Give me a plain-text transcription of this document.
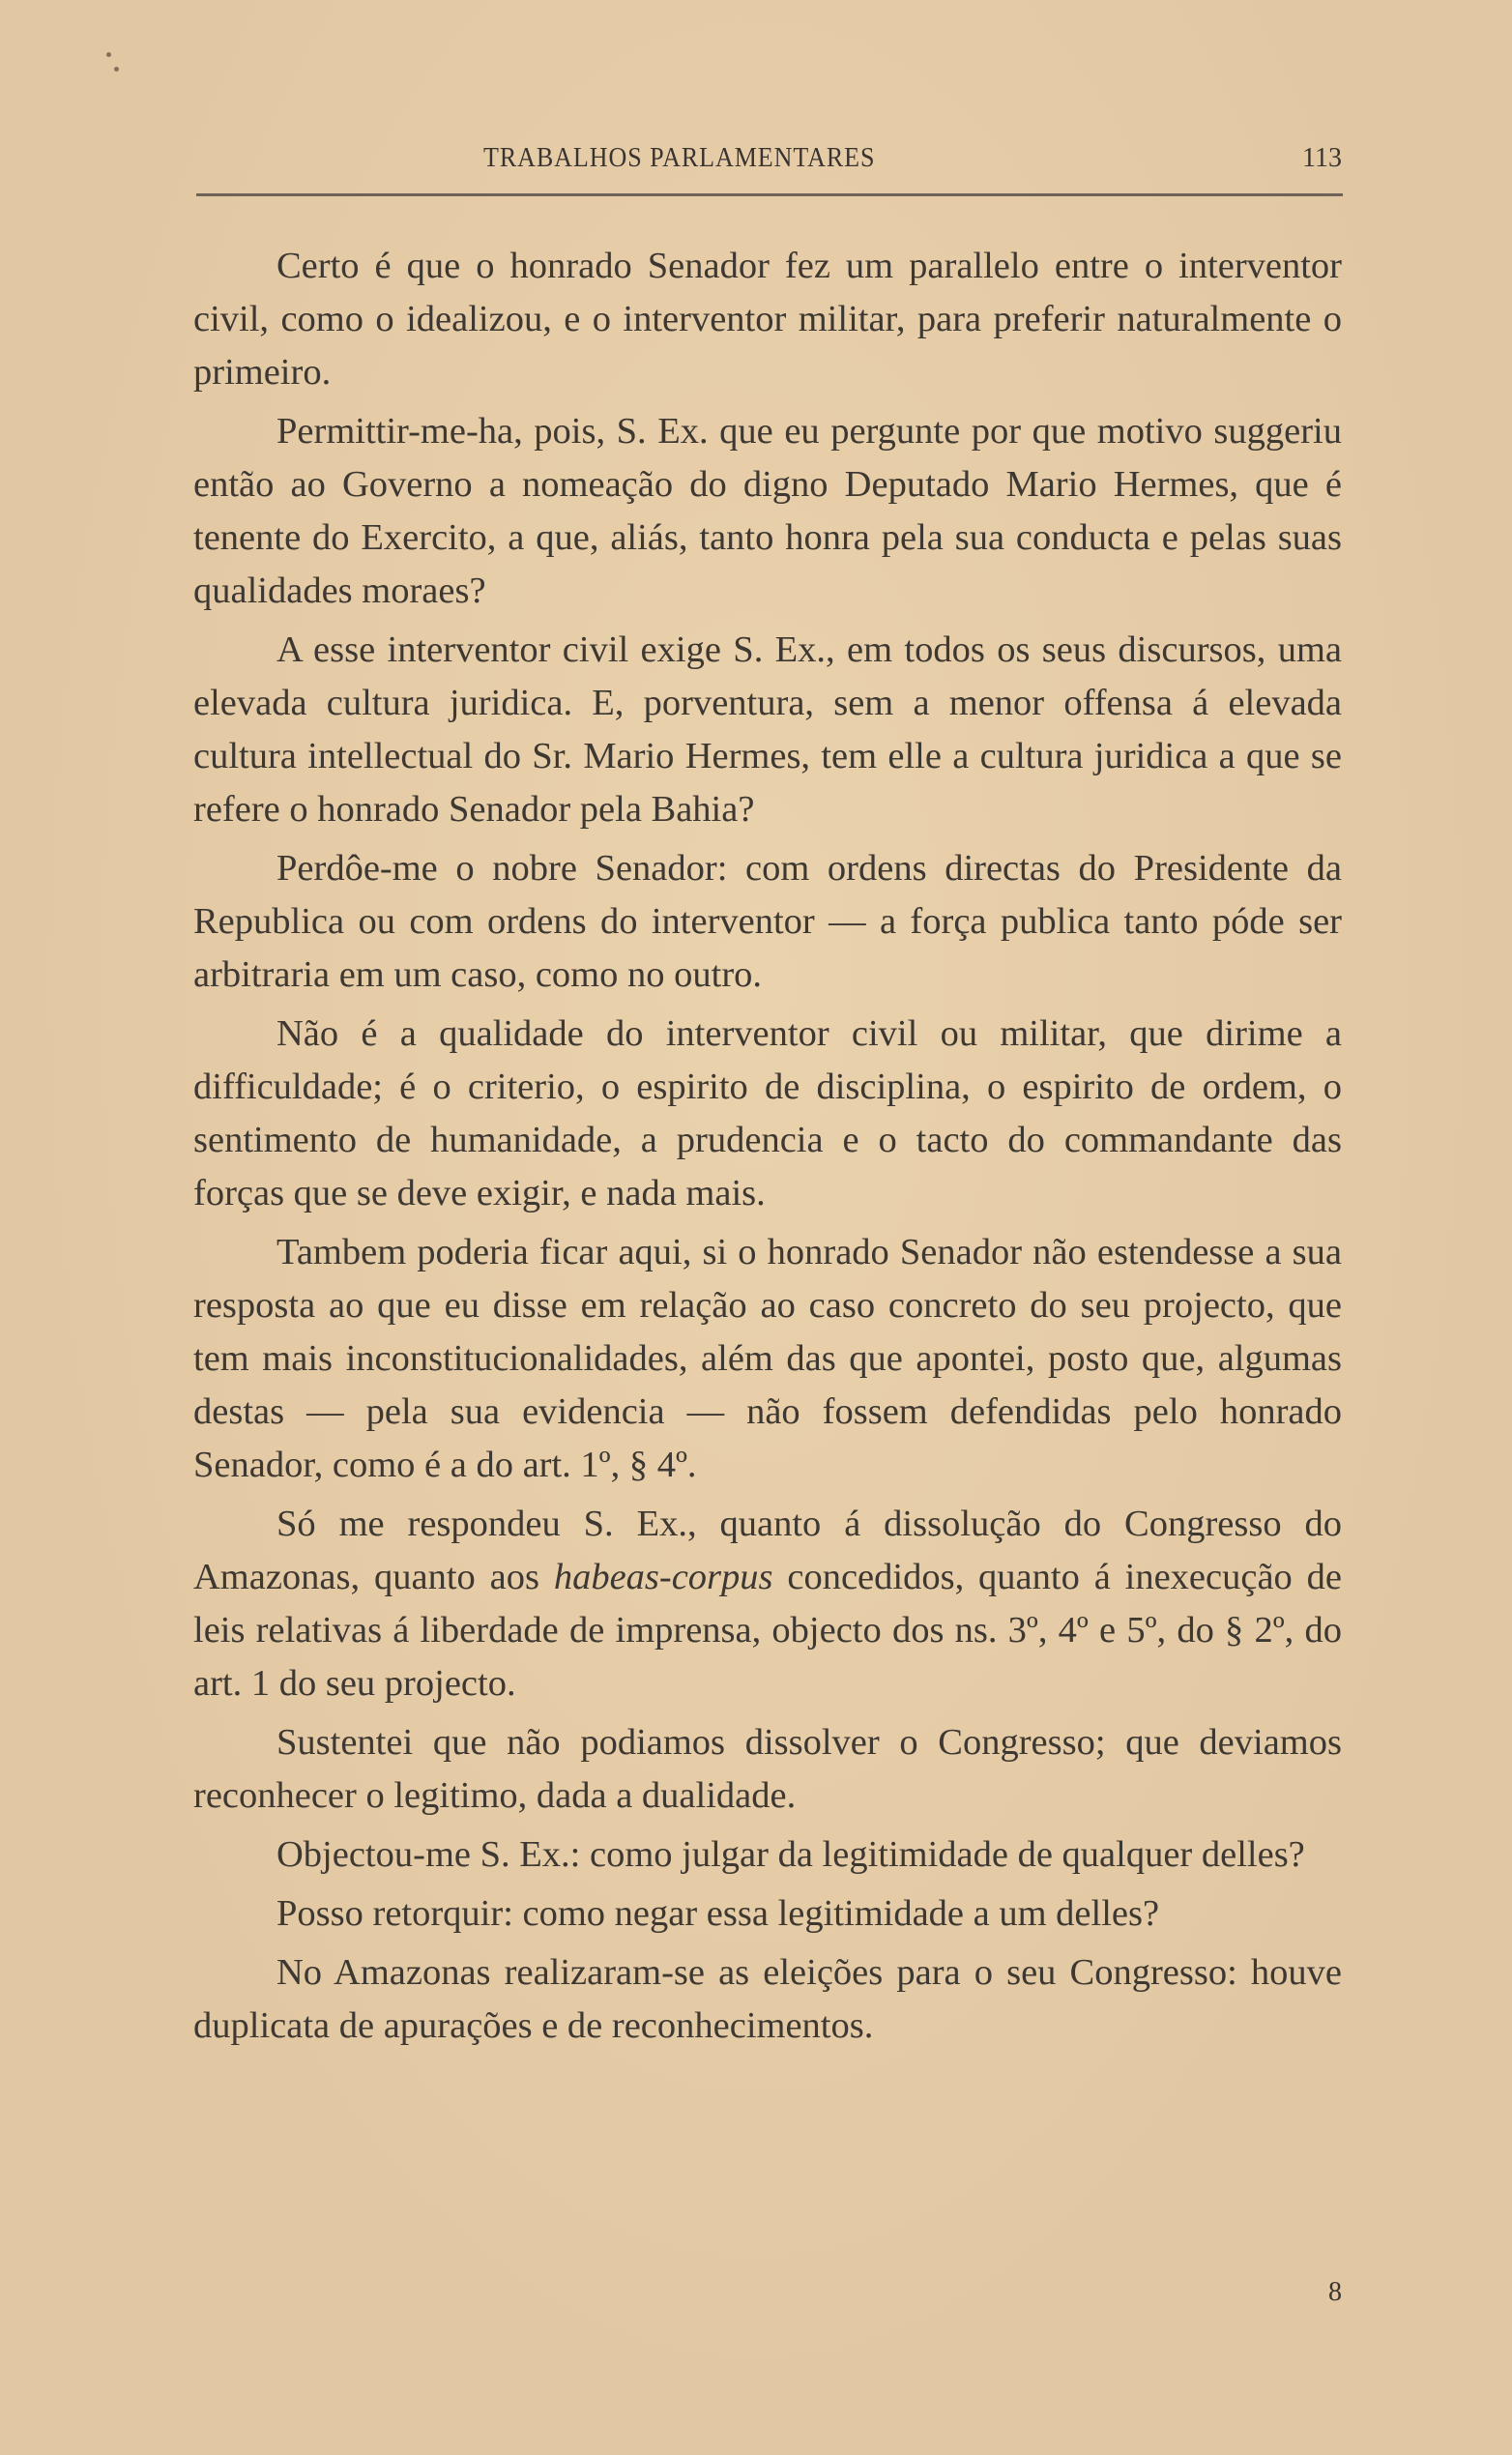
TRABALHOS PARLAMENTARES	113

Certo é que o honrado Senador fez um parallelo entre o interventor civil, como o idealizou, e o interventor militar, para preferir naturalmente o primeiro.

Permittir-me-ha, pois, S. Ex. que eu pergunte por que motivo suggeriu então ao Governo a nomeação do digno Deputado Mario Hermes, que é tenente do Exercito, a que, aliás, tanto honra pela sua conducta e pelas suas qualidades moraes?

A esse interventor civil exige S. Ex., em todos os seus discursos, uma elevada cultura juridica. E, porventura, sem a menor offensa á elevada cultura intellectual do Sr. Mario Hermes, tem elle a cultura juridica a que se refere o honrado Senador pela Bahia?

Perdôe-me o nobre Senador: com ordens directas do Presidente da Republica ou com ordens do interventor — a força publica tanto póde ser arbitraria em um caso, como no outro.

Não é a qualidade do interventor civil ou militar, que dirime a difficuldade; é o criterio, o espirito de disciplina, o espirito de ordem, o sentimento de humanidade, a prudencia e o tacto do commandante das forças que se deve exigir, e nada mais.

Tambem poderia ficar aqui, si o honrado Senador não estendesse a sua resposta ao que eu disse em relação ao caso concreto do seu projecto, que tem mais inconstitucionalidades, além das que apontei, posto que, algumas destas — pela sua evidencia — não fossem defendidas pelo honrado Senador, como é a do art. 1º, § 4º.

Só me respondeu S. Ex., quanto á dissolução do Congresso do Amazonas, quanto aos habeas-corpus concedidos, quanto á inexecução de leis relativas á liberdade de imprensa, objecto dos ns. 3º, 4º e 5º, do § 2º, do art. 1 do seu projecto.

Sustentei que não podiamos dissolver o Congresso; que deviamos reconhecer o legitimo, dada a dualidade.

Objectou-me S. Ex.: como julgar da legitimidade de qualquer delles?

Posso retorquir: como negar essa legitimidade a um delles?

No Amazonas realizaram-se as eleições para o seu Congresso: houve duplicata de apurações e de reconhecimentos.

8
